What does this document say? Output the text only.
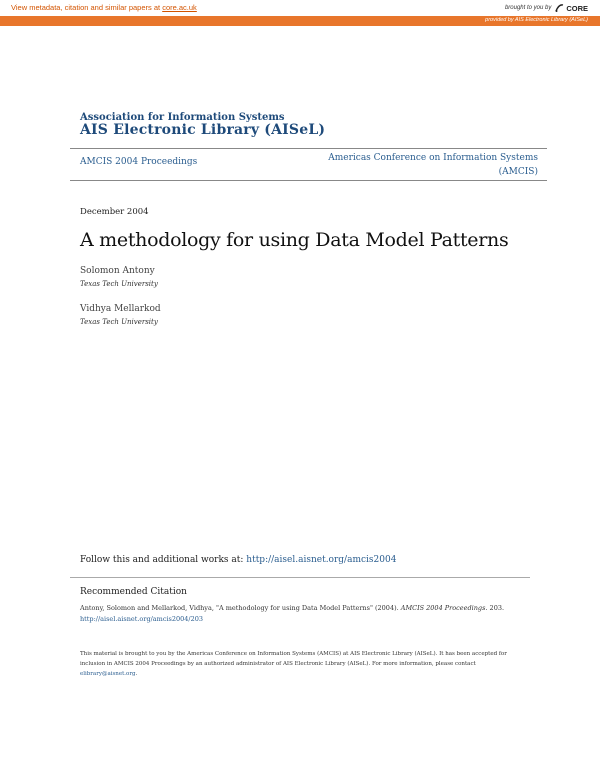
View metadata, citation and similar papers at core.ac.uk	brought to you by CORE
provided by AIS Electronic Library (AISeL)
Association for Information Systems
AIS Electronic Library (AISeL)
AMCIS 2004 Proceedings	Americas Conference on Information Systems (AMCIS)
December 2004
A methodology for using Data Model Patterns
Solomon Antony
Texas Tech University
Vidhya Mellarkod
Texas Tech University
Follow this and additional works at: http://aisel.aisnet.org/amcis2004
Recommended Citation
Antony, Solomon and Mellarkod, Vidhya, "A methodology for using Data Model Patterns" (2004). AMCIS 2004 Proceedings. 203.
http://aisel.aisnet.org/amcis2004/203
This material is brought to you by the Americas Conference on Information Systems (AMCIS) at AIS Electronic Library (AISeL). It has been accepted for inclusion in AMCIS 2004 Proceedings by an authorized administrator of AIS Electronic Library (AISeL). For more information, please contact elibrary@aisnet.org.
